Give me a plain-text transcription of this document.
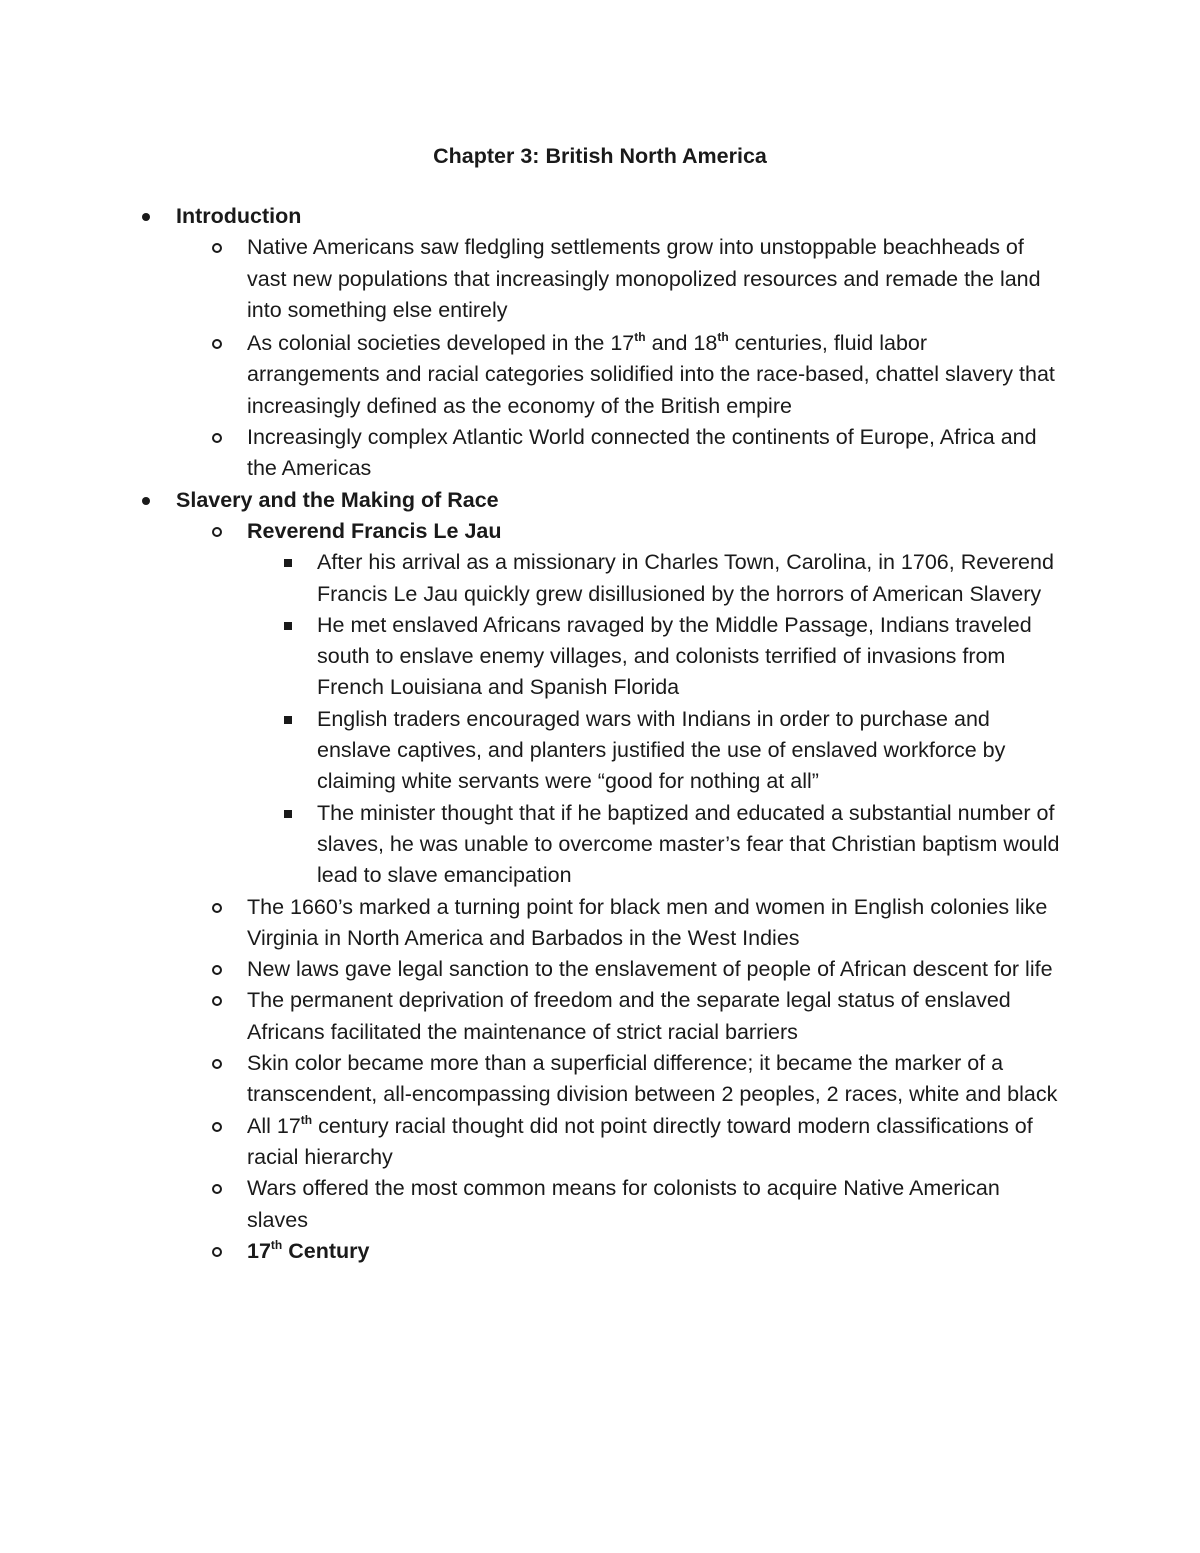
Chapter 3: British North America
Introduction
Native Americans saw fledgling settlements grow into unstoppable beachheads of vast new populations that increasingly monopolized resources and remade the land into something else entirely
As colonial societies developed in the 17th and 18th centuries, fluid labor arrangements and racial categories solidified into the race-based, chattel slavery that increasingly defined as the economy of the British empire
Increasingly complex Atlantic World connected the continents of Europe, Africa and the Americas
Slavery and the Making of Race
Reverend Francis Le Jau
After his arrival as a missionary in Charles Town, Carolina, in 1706, Reverend Francis Le Jau quickly grew disillusioned by the horrors of American Slavery
He met enslaved Africans ravaged by the Middle Passage, Indians traveled south to enslave enemy villages, and colonists terrified of invasions from French Louisiana and Spanish Florida
English traders encouraged wars with Indians in order to purchase and enslave captives, and planters justified the use of enslaved workforce by claiming white servants were “good for nothing at all”
The minister thought that if he baptized and educated a substantial number of slaves, he was unable to overcome master’s fear that Christian baptism would lead to slave emancipation
The 1660’s marked a turning point for black men and women in English colonies like Virginia in North America and Barbados in the West Indies
New laws gave legal sanction to the enslavement of people of African descent for life
The permanent deprivation of freedom and the separate legal status of enslaved Africans facilitated the maintenance of strict racial barriers
Skin color became more than a superficial difference; it became the marker of a transcendent, all-encompassing division between 2 peoples, 2 races, white and black
All 17th century racial thought did not point directly toward modern classifications of racial hierarchy
Wars offered the most common means for colonists to acquire Native American slaves
17th Century
